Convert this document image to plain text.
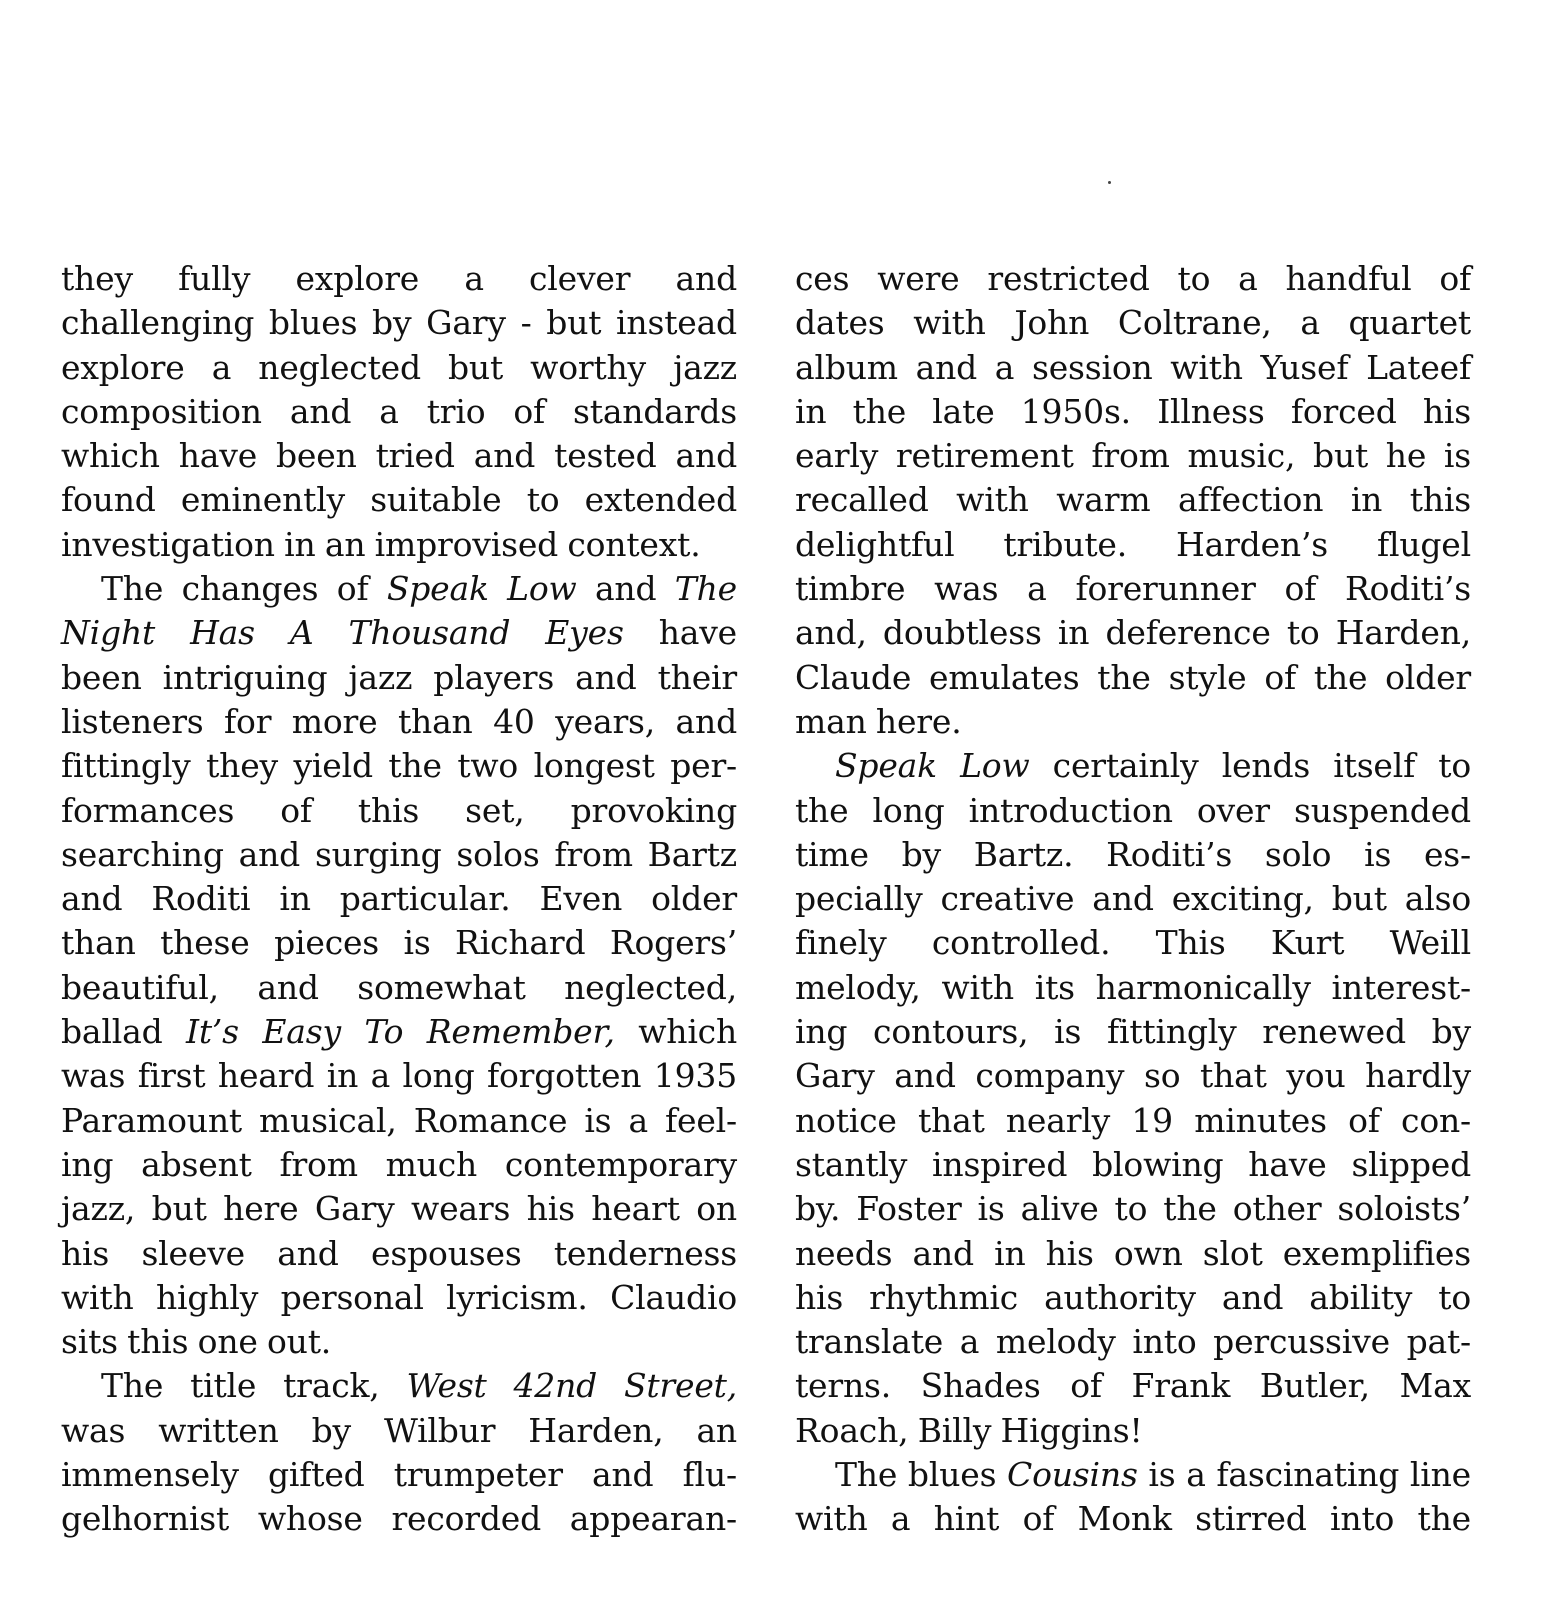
they fully explore a clever and
challenging blues by Gary - but instead
explore a neglected but worthy jazz
composition and a trio of standards
which have been tried and tested and
found eminently suitable to extended
investigation in an improvised context.
The changes of Speak Low and The
Night Has A Thousand Eyes have
been intriguing jazz players and their
listeners for more than 40 years, and
fittingly they yield the two longest per-
formances of this set, provoking
searching and surging solos from Bartz
and Roditi in particular. Even older
than these pieces is Richard Rogers’
beautiful, and somewhat neglected,
ballad It’s Easy To Remember, which
was first heard in a long forgotten 1935
Paramount musical, Romance is a feel-
ing absent from much contemporary
jazz, but here Gary wears his heart on
his sleeve and espouses tenderness
with highly personal lyricism. Claudio
sits this one out.
The title track, West 42nd Street,
was written by Wilbur Harden, an
immensely gifted trumpeter and flu-
gelhornist whose recorded appearan-
ces were restricted to a handful of
dates with John Coltrane, a quartet
album and a session with Yusef Lateef
in the late 1950s. Illness forced his
early retirement from music, but he is
recalled with warm affection in this
delightful tribute. Harden’s flugel
timbre was a forerunner of Roditi’s
and, doubtless in deference to Harden,
Claude emulates the style of the older
man here.
Speak Low certainly lends itself to
the long introduction over suspended
time by Bartz. Roditi’s solo is es-
pecially creative and exciting, but also
finely controlled. This Kurt Weill
melody, with its harmonically interest-
ing contours, is fittingly renewed by
Gary and company so that you hardly
notice that nearly 19 minutes of con-
stantly inspired blowing have slipped
by. Foster is alive to the other soloists’
needs and in his own slot exemplifies
his rhythmic authority and ability to
translate a melody into percussive pat-
terns. Shades of Frank Butler, Max
Roach, Billy Higgins!
The blues Cousins is a fascinating line
with a hint of Monk stirred into the
